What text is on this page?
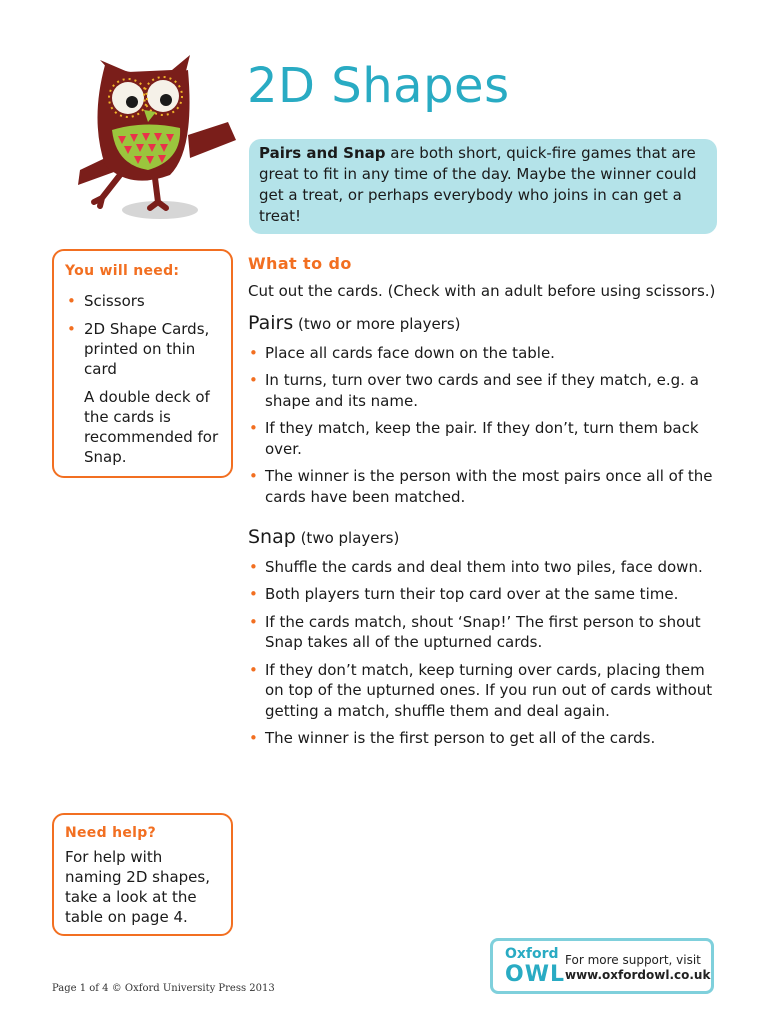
2D Shapes
Pairs and Snap are both short, quick-fire games that are great to fit in any time of the day. Maybe the winner could get a treat, or perhaps everybody who joins in can get a treat!
You will need:
• Scissors
• 2D Shape Cards, printed on thin card
A double deck of the cards is recommended for Snap.
What to do

Cut out the cards. (Check with an adult before using scissors.)

Pairs (two or more players)
• Place all cards face down on the table.
• In turns, turn over two cards and see if they match, e.g. a shape and its name.
• If they match, keep the pair. If they don’t, turn them back over.
• The winner is the person with the most pairs once all of the cards have been matched.
Snap (two players)
• Shuffle the cards and deal them into two piles, face down.
• Both players turn their top card over at the same time.
• If the cards match, shout ‘Snap!’ The first person to shout Snap takes all of the upturned cards.
• If they don’t match, keep turning over cards, placing them on top of the upturned ones. If you run out of cards without getting a match, shuffle them and deal again.
• The winner is the first person to get all of the cards.
Need help?
For help with naming 2D shapes, take a look at the table on page 4.
Page 1 of 4 © Oxford University Press 2013
Oxford
OWL
For more support, visit
www.oxfordowl.co.uk
